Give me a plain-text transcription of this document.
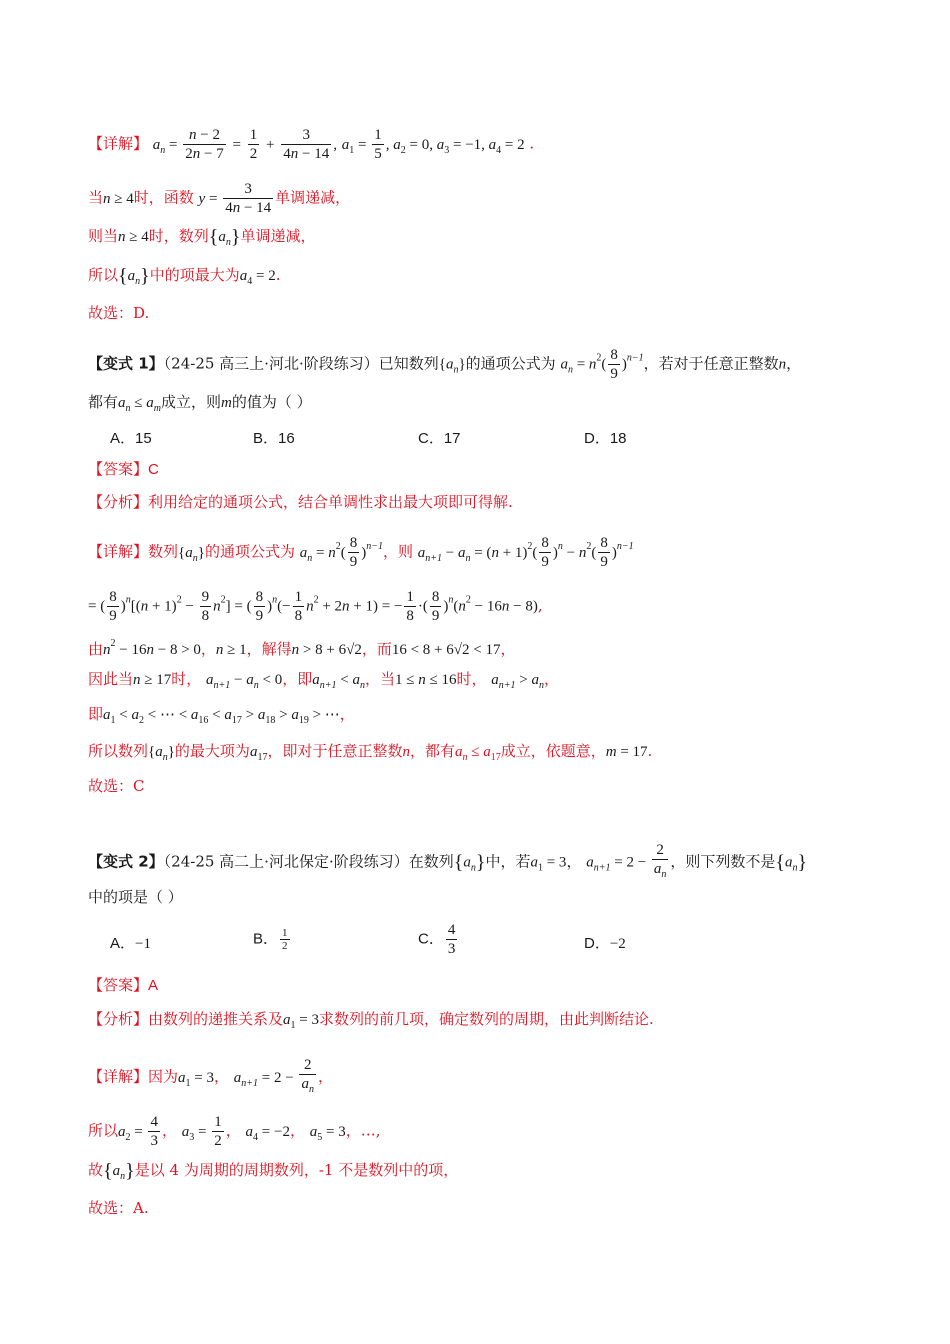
【详解】 $a_n = \frac{n - 2}{2n - 7} = \frac{1}{2} + \frac{3}{4n - 14}$ , $a_1 = \frac{1}{5}$ , $a_2 = 0$, $a_3 = -1$, $a_4 = 2$ .
当n ≥ 4时，函数 $y = \frac{3}{4n - 14}$ 单调递减，
则当n ≥ 4时，数列$\{a_n\}$单调递减，
所以$\{a_n\}$中的项最大为$a_4 = 2$.
故选：D.
【变式 1】（24-25 高三上·河北·阶段练习）已知数列$\{a_n\}$的通项公式为 $a_n = n^2( \frac{8}{9} )^{n-1}$，若对于任意正整数n，
都有$a_n \le a_m$成立，则m的值为（ ）
A．15	B．16	C．17	D．18
【答案】C
【分析】利用给定的通项公式，结合单调性求出最大项即可得解.
【详解】数列$\{a_n\}$的通项公式为 $a_n = n^2( \frac{8}{9} )^{n-1}$，则 $a_{n+1} - a_n = (n + 1)^2( \frac{8}{9} )^n - n^2( \frac{8}{9} )^{n-1}$
= ( $\frac{8}{9} )^n[(n + 1)^2 - \frac{9}{8} n^2]$ = ( $\frac{8}{9} )^n(- \frac{1}{8} n^2 + 2n + 1)$ = − $\frac{1}{8}$ ·( $\frac{8}{9} )^n(n^2 - 16n - 8)$,
由$n^2 - 16n - 8 > 0$，n ≥ 1，解得n > 8 + 6√2，而16 < 8 + 6√2 < 17，
因此当n ≥ 17时， $a_{n+1} - a_n < 0$，即$a_{n+1} < a_n$，当1 ≤ n ≤ 16时， $a_{n+1} > a_n$，
即$a_1 < a_2$ < ⋯ < $a_{16} < a_{17} > a_{18} > a_{19}$ > ⋯，
所以数列$\{a_n\}$的最大项为$a_{17}$，即对于任意正整数n，都有$a_n \le a_{17}$成立，依题意，m = 17.
故选：C
【变式 2】（24-25 高二上·河北保定·阶段练习）在数列$\{a_n\}$中，若$a_1 = 3$， $a_{n+1} = 2 - \frac{2}{a_n}$ ，则下列数不是$\{a_n\}$
中的项是（ ）
A．−1	B． $\frac{1}{2}$	C． $\frac{4}{3}$	D．−2
【答案】A
【分析】由数列的递推关系及$a_1 = 3$求数列的前几项，确定数列的周期，由此判断结论.
【详解】因为$a_1 = 3$， $a_{n+1} = 2 - \frac{2}{a_n}$ ，
所以$a_2 = \frac{4}{3}$ ， $a_3 = \frac{1}{2}$ ， $a_4 = -2$， $a_5 = 3$，…,
故$\{a_n\}$是以 4 为周期的周期数列，-1 不是数列中的项，
故选：A.
